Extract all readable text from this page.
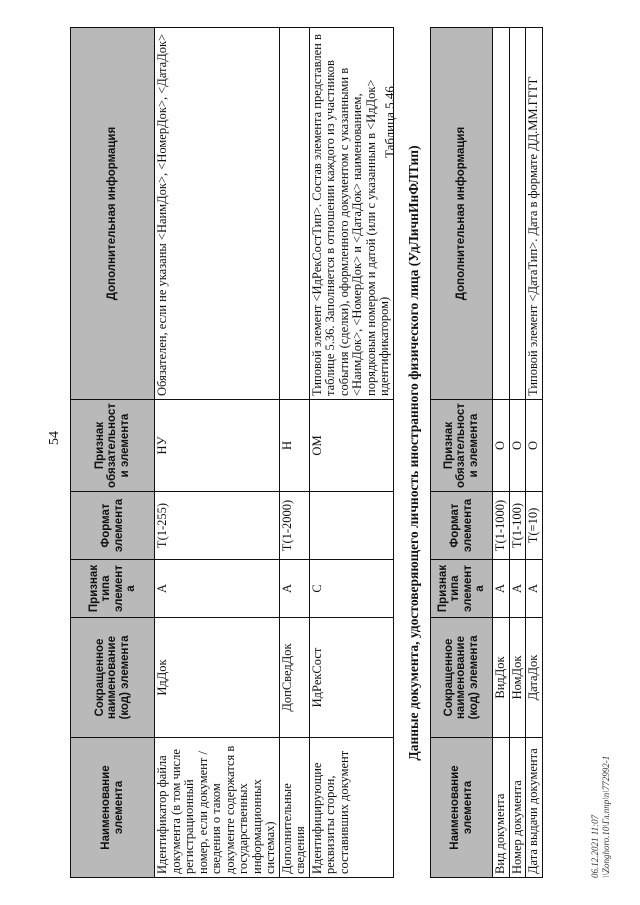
54
Наименование элемента	Сокращенное наименование (код) элемента	Признак типа элемента	Формат элемента	Признак обязательности элемента	Дополнительная информация
Идентификатор файла документа (в том числе регистрационный номер, если документ / сведения о таком документе содержатся в государственных информационных системах)	ИдДок	А	T(1-255)	НУ	Обязателен, если не указаны <НаимДок>, <НомерДок>, <ДатаДок>
Дополнительные сведения	ДопСведДок	А	T(1-2000)	Н	
Идентифицирующие реквизиты сторон, составивших документ	ИдРекСост	С		ОМ	Типовой элемент <ИдРекСостТип>. Состав элемента представлен в таблице 5.36. Заполняется в отношении каждого из участников события (сделки), оформленного документом с указанными в <НаимДок>, <НомерДок> и <ДатаДок> наименованием, порядковым номером и датой (или с указанным в <ИдДок> идентификатором)
Таблица 5.46
Данные документа, удостоверяющего личность иностранного физического лица (УдЛичнИнФЛТип)
Наименование элемента	Сокращенное наименование (код) элемента	Признак типа элемента	Формат элемента	Признак обязательности элемента	Дополнительная информация
Вид документа	ВидДок	А	T(1-1000)	О	
Номер документа	НомДок	А	T(1-100)	О	
Дата выдачи документа	ДатаДок	А	T(=10)	О	Типовой элемент <ДатаТип>. Дата в формате ДД.ММ.ГГГГ
06.12.2021 11:07 \\Zonghoro.10\Гл.ппр\п\772992-1
